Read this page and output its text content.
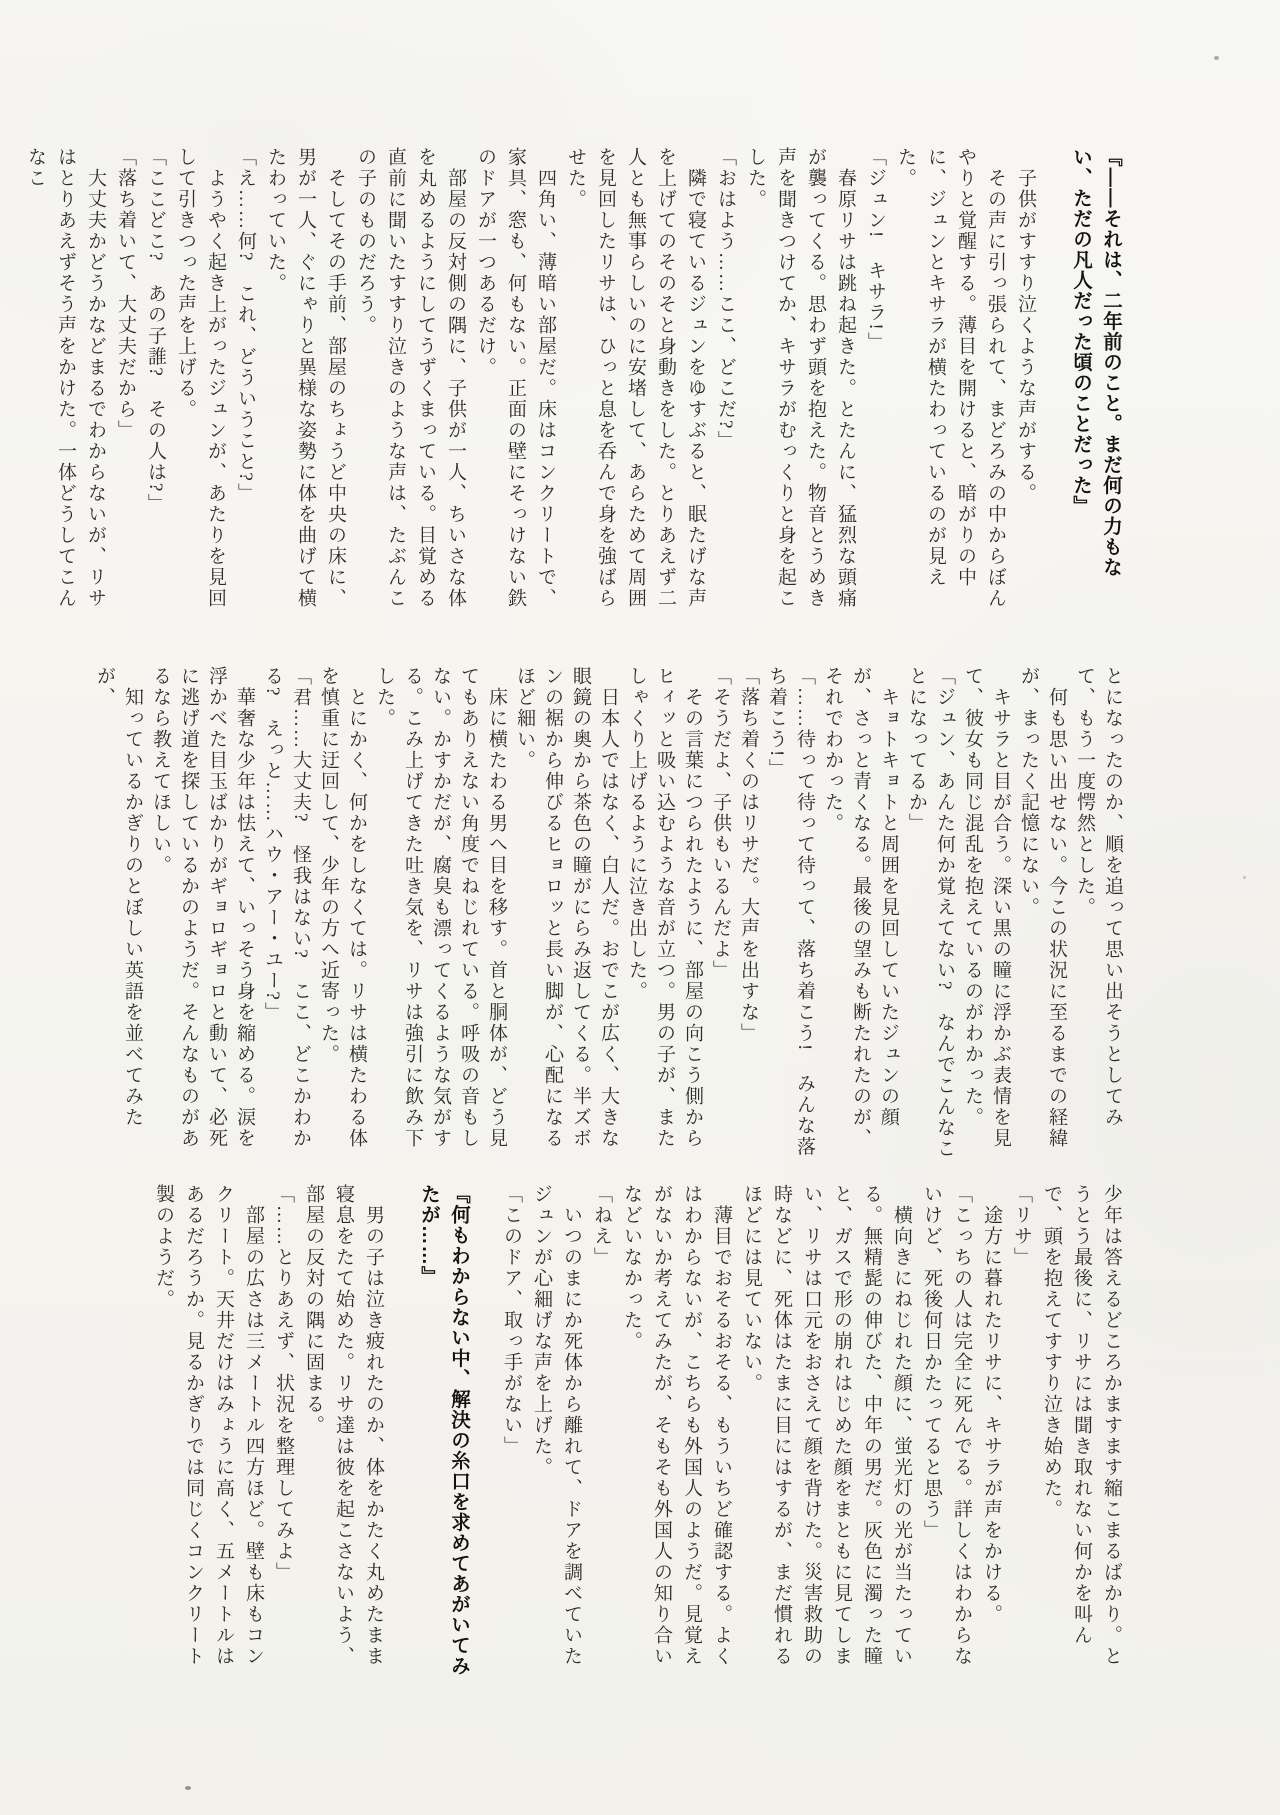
『――それは、二年前のこと。まだ何の力もない、ただの凡人だった頃のことだった』

　子供がすすり泣くような声がする。

　その声に引っ張られて、まどろみの中からぼんやりと覚醒する。薄目を開けると、暗がりの中に、ジュンとキサラが横たわっているのが見えた。

「ジュン!　キサラ!」

　春原リサは跳ね起きた。とたんに、猛烈な頭痛が襲ってくる。思わず頭を抱えた。物音とうめき声を聞きつけてか、キサラがむっくりと身を起こした。

「おはよう……ここ、どこだ?」

　隣で寝ているジュンをゆすぶると、眠たげな声を上げてのそのそと身動きをした。とりあえず二人とも無事らしいのに安堵して、あらためて周囲を見回したリサは、ひっと息を呑んで身を強ばらせた。

　四角い、薄暗い部屋だ。床はコンクリートで、家具、窓も、何もない。正面の壁にそっけない鉄のドアが一つあるだけ。

　部屋の反対側の隅に、子供が一人、ちいさな体を丸めるようにしてうずくまっている。目覚める直前に聞いたすすり泣きのような声は、たぶんこの子のものだろう。

　そしてその手前、部屋のちょうど中央の床に、男が一人、ぐにゃりと異様な姿勢に体を曲げて横たわっていた。

「え……何?　これ、どういうこと?」

　ようやく起き上がったジュンが、あたりを見回して引きつった声を上げる。

「ここどこ?　あの子誰?　その人は?」

「落ち着いて、大丈夫だから」

　大丈夫かどうかなどまるでわからないが、リサはとりあえずそう声をかけた。一体どうしてこんなこ

とになったのか、順を追って思い出そうとしてみて、もう一度愕然とした。

　何も思い出せない。今この状況に至るまでの経緯が、まったく記憶にない。

　キサラと目が合う。深い黒の瞳に浮かぶ表情を見て、彼女も同じ混乱を抱えているのがわかった。

「ジュン、あんた何か覚えてない?　なんでこんなことになってるか」

　キョトキョトと周囲を見回していたジュンの顔が、さっと青くなる。最後の望みも断たれたのが、それでわかった。

「……待って待って待って、落ち着こう!　みんな落ち着こう!」

「落ち着くのはリサだ。大声を出すな」

「そうだよ、子供もいるんだよ」

　その言葉につられたように、部屋の向こう側からヒィッと吸い込むような音が立つ。男の子が、またしゃくり上げるように泣き出した。

　日本人ではなく、白人だ。おでこが広く、大きな眼鏡の奥から茶色の瞳がにらみ返してくる。半ズボンの裾から伸びるヒョロッと長い脚が、心配になるほど細い。

　床に横たわる男へ目を移す。首と胴体が、どう見てもありえない角度でねじれている。呼吸の音もしない。かすかだが、腐臭も漂ってくるような気がする。こみ上げてきた吐き気を、リサは強引に飲み下した。

　とにかく、何かをしなくては。リサは横たわる体を慎重に迂回して、少年の方へ近寄った。

「君……大丈夫?　怪我はない?　ここ、どこかわかる?　えっと……ハウ・アー・ユー?」

　華奢な少年は怯えて、いっそう身を縮める。涙を浮かべた目玉ばかりがギョロギョロと動いて、必死に逃げ道を探しているかのようだ。そんなものがあるなら教えてほしい。

　知っているかぎりのとぼしい英語を並べてみたが、

少年は答えるどころかますます縮こまるばかり。とうとう最後に、リサには聞き取れない何かを叫んで、頭を抱えてすすり泣き始めた。

「リサ」

　途方に暮れたリサに、キサラが声をかける。

「こっちの人は完全に死んでる。詳しくはわからないけど、死後何日かたってると思う」

　横向きにねじれた顔に、蛍光灯の光が当たっている。無精髭の伸びた、中年の男だ。灰色に濁った瞳と、ガスで形の崩れはじめた顔をまともに見てしまい、リサは口元をおさえて顔を背けた。災害救助の時などに、死体はたまに目にはするが、まだ慣れるほどには見ていない。

　薄目でおそるおそる、もういちど確認する。よくはわからないが、こちらも外国人のようだ。見覚えがないか考えてみたが、そもそも外国人の知り合いなどいなかった。

「ねえ」

　いつのまにか死体から離れて、ドアを調べていたジュンが心細げな声を上げた。

「このドア、取っ手がない」

『何もわからない中、解決の糸口を求めてあがいてみたが……』

　男の子は泣き疲れたのか、体をかたく丸めたまま寝息をたて始めた。リサ達は彼を起こさないよう、部屋の反対の隅に固まる。

「……とりあえず、状況を整理してみよ」

　部屋の広さは三メートル四方ほど。壁も床もコンクリート。天井だけはみょうに高く、五メートルはあるだろうか。見るかぎりでは同じくコンクリート製のようだ。
